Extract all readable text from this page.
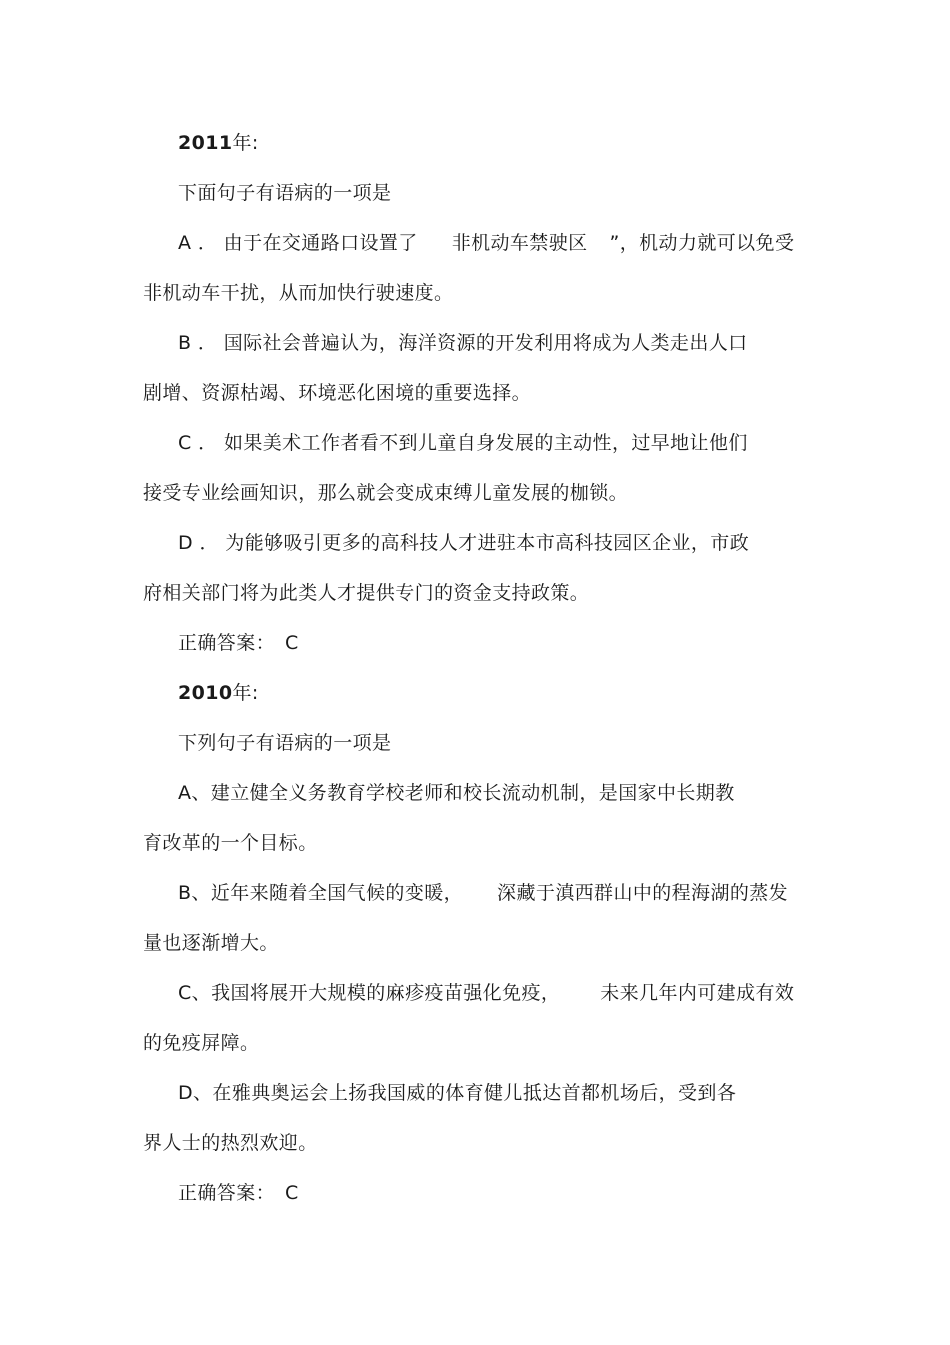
2011年:
下面句子有语病的一项是
A ． 由于在交通路口设置了 非机动车禁驶区 ”，机动力就可以免受
非机动车干扰，从而加快行驶速度。
B ． 国际社会普遍认为，海洋资源的开发利用将成为人类走出人口
剧增、资源枯竭、环境恶化困境的重要选择。
C ． 如果美术工作者看不到儿童自身发展的主动性，过早地让他们
接受专业绘画知识，那么就会变成束缚儿童发展的枷锁。
D ． 为能够吸引更多的高科技人才进驻本市高科技园区企业，市政
府相关部门将为此类人才提供专门的资金支持政策。
正确答案： C
2010年:
下列句子有语病的一项是
A、建立健全义务教育学校老师和校长流动机制，是国家中长期教
育改革的一个目标。
B、近年来随着全国气候的变暖， 深藏于滇西群山中的程海湖的蒸发
量也逐渐增大。
C、我国将展开大规模的麻疹疫苗强化免疫， 未来几年内可建成有效
的免疫屏障。
D、在雅典奥运会上扬我国威的体育健儿抵达首都机场后，受到各
界人士的热烈欢迎。
正确答案： C
